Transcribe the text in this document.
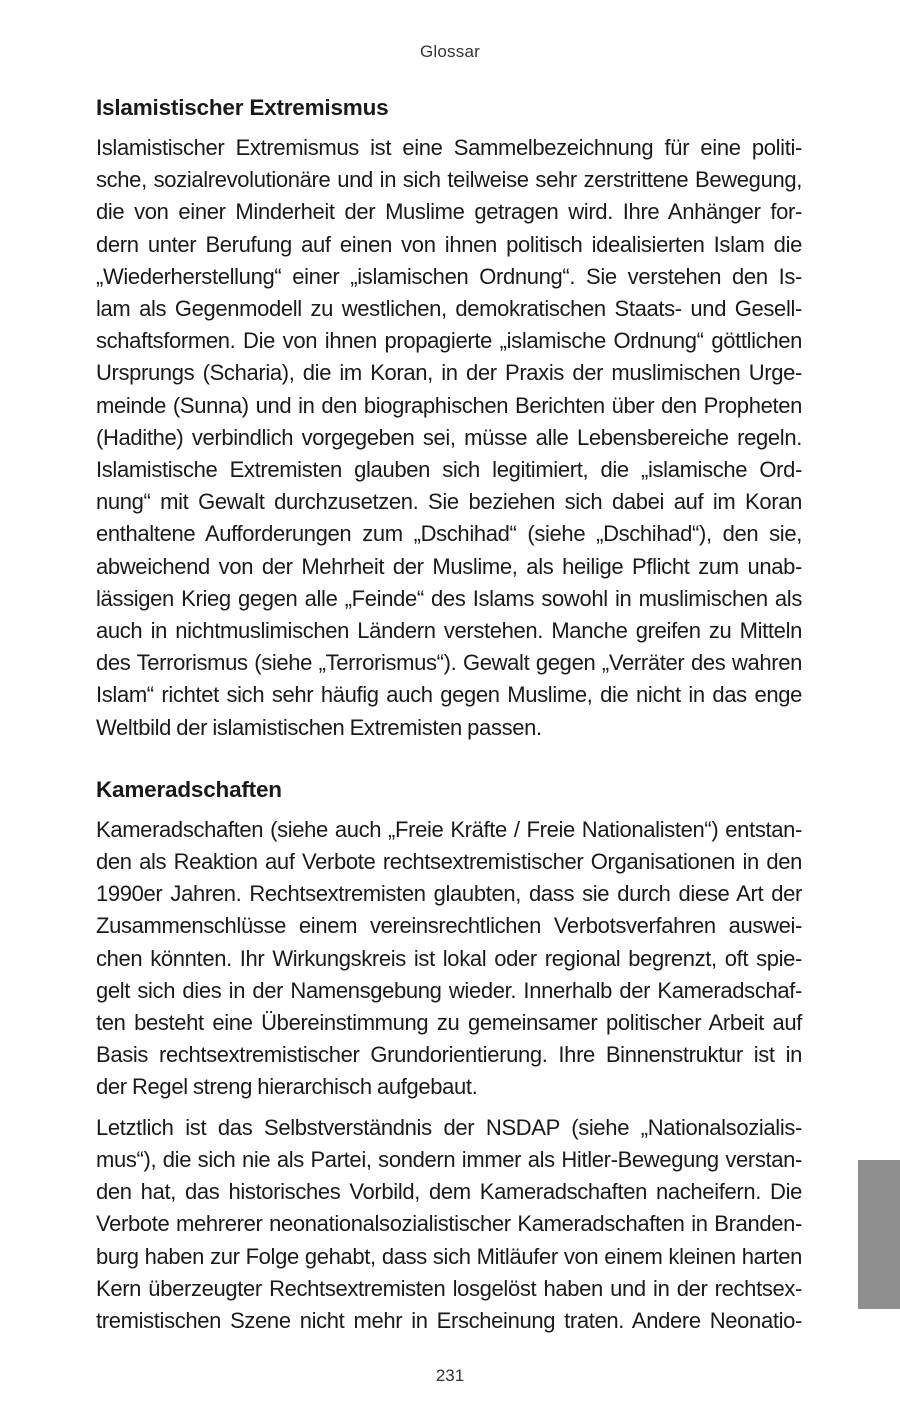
Glossar
Islamistischer Extremismus

Islamistischer Extremismus ist eine Sammelbezeichnung für eine politi-
sche, sozialrevolutionäre und in sich teilweise sehr zerstrittene Bewegung,
die von einer Minderheit der Muslime getragen wird. Ihre Anhänger for-
dern unter Berufung auf einen von ihnen politisch idealisierten Islam die
„Wiederherstellung“ einer „islamischen Ordnung“. Sie verstehen den Is-
lam als Gegenmodell zu westlichen, demokratischen Staats- und Gesell-
schaftsformen. Die von ihnen propagierte „islamische Ordnung“ göttlichen
Ursprungs (Scharia), die im Koran, in der Praxis der muslimischen Urge-
meinde (Sunna) und in den biographischen Berichten über den Propheten
(Hadithe) verbindlich vorgegeben sei, müsse alle Lebensbereiche regeln.
Islamistische Extremisten glauben sich legitimiert, die „islamische Ord-
nung“ mit Gewalt durchzusetzen. Sie beziehen sich dabei auf im Koran
enthaltene Aufforderungen zum „Dschihad“ (siehe „Dschihad“), den sie,
abweichend von der Mehrheit der Muslime, als heilige Pflicht zum unab-
lässigen Krieg gegen alle „Feinde“ des Islams sowohl in muslimischen als
auch in nichtmuslimischen Ländern verstehen. Manche greifen zu Mitteln
des Terrorismus (siehe „Terrorismus“). Gewalt gegen „Verräter des wahren
Islam“ richtet sich sehr häufig auch gegen Muslime, die nicht in das enge
Weltbild der islamistischen Extremisten passen.

Kameradschaften

Kameradschaften (siehe auch „Freie Kräfte / Freie Nationalisten“) entstan-
den als Reaktion auf Verbote rechtsextremistischer Organisationen in den
1990er Jahren. Rechtsextremisten glaubten, dass sie durch diese Art der
Zusammenschlüsse einem vereinsrechtlichen Verbotsverfahren auswei-
chen könnten. Ihr Wirkungskreis ist lokal oder regional begrenzt, oft spie-
gelt sich dies in der Namensgebung wieder. Innerhalb der Kameradschaf-
ten besteht eine Übereinstimmung zu gemeinsamer politischer Arbeit auf
Basis rechtsextremistischer Grundorientierung. Ihre Binnenstruktur ist in
der Regel streng hierarchisch aufgebaut.

Letztlich ist das Selbstverständnis der NSDAP (siehe „Nationalsozialis-
mus“), die sich nie als Partei, sondern immer als Hitler-Bewegung verstan-
den hat, das historisches Vorbild, dem Kameradschaften nacheifern. Die
Verbote mehrerer neonationalsozialistischer Kameradschaften in Branden-
burg haben zur Folge gehabt, dass sich Mitläufer von einem kleinen harten
Kern überzeugter Rechtsextremisten losgelöst haben und in der rechtsex-
tremistischen Szene nicht mehr in Erscheinung traten. Andere Neonatio-

231
